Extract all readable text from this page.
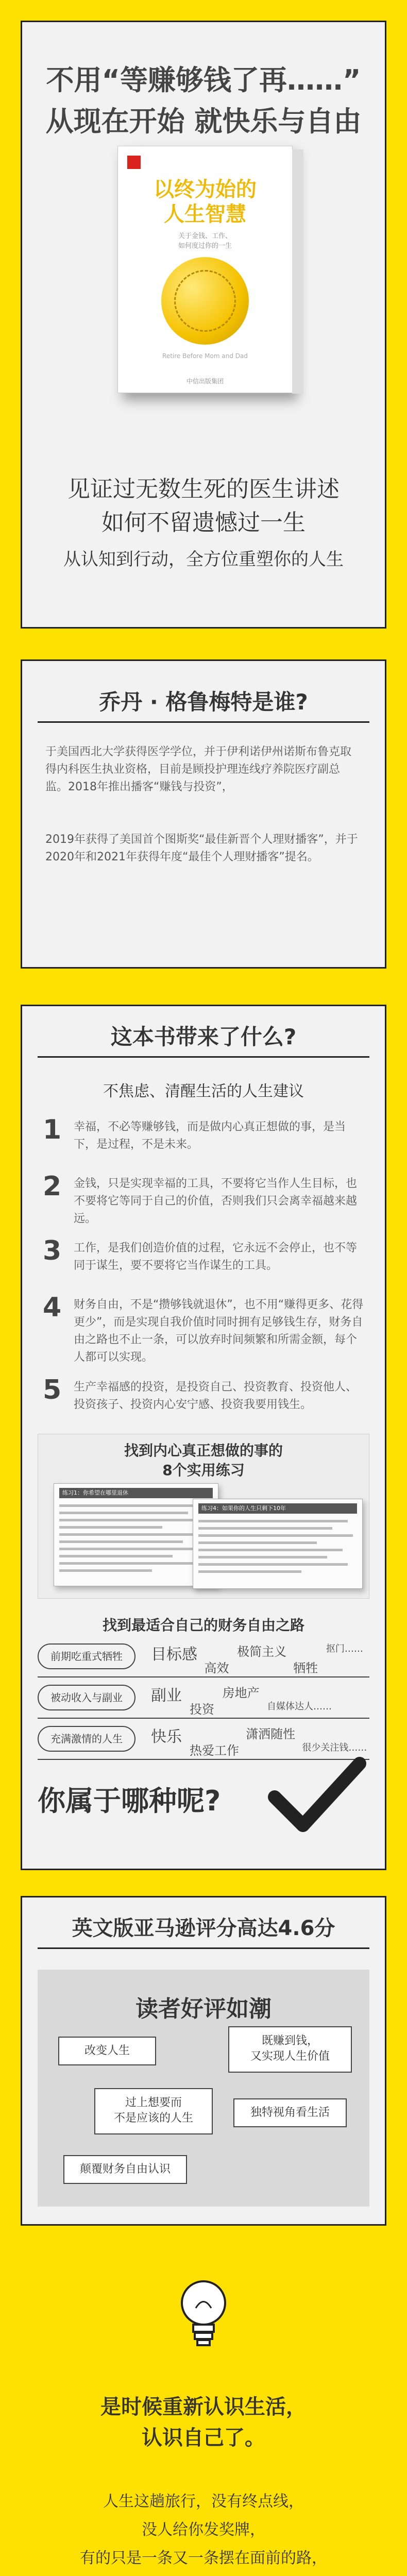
不用“等赚够钱了再……”
从现在开始 就快乐与自由
以终为始的
人生智慧
关于金钱、工作、
如何度过你的一生
Retire Before Mom and Dad
中信出版集团
见证过无数生死的医生讲述
如何不留遗憾过一生
从认知到行动，全方位重塑你的人生
乔丹 · 格鲁梅特是谁?

于美国西北大学获得医学学位，并于伊利诺伊州诺斯布鲁克取得内科医生执业资格，目前是顾投护理连线疗养院医疗副总监。2018年推出播客“赚钱与投资”，

2019年获得了美国首个图斯奖“最佳新晋个人理财播客”，并于2020年和2021年获得年度“最佳个人理财播客”提名。

这本书带来了什么?
不焦虑、清醒生活的人生建议
1 幸福，不必等赚够钱，而是做内心真正想做的事，是当下，是过程，不是未来。
2 金钱，只是实现幸福的工具，不要将它当作人生目标，也不要将它等同于自己的价值，否则我们只会离幸福越来越远。
3 工作，是我们创造价值的过程，它永远不会停止，也不等同于谋生，要不要将它当作谋生的工具。
4 财务自由，不是“攒够钱就退休”，也不用“赚得更多、花得更少”，而是实现自我价值时同时拥有足够钱生存，财务自由之路也不止一条，可以放弃时间频繁和所需金额，每个人都可以实现。
5 生产幸福感的投资，是投资自己、投资教育、投资他人、投资孩子、投资内心安宁感、投资我要用钱生。
找到内心真正想做的事的
8个实用练习
练习1：你希望在哪里退休
练习4：如果你的人生只剩下10年
找到最适合自己的财务自由之路
前期吃重式牺牲	目标感
高效
极简主义
牺牲
抠门……
被动收入与副业	副业
投资
房地产
自媒体达人……
充满激情的人生	快乐
热爱工作
潇洒随性
很少关注钱……
你属于哪种呢?
英文版亚马逊评分高达4.6分
读者好评如潮
改变人生
既赚到钱，
又实现人生价值
过上想要而
不是应该的人生	独特视角看生活
颠覆财务自由认识
是时候重新认识生活，
认识自己了。
人生这趟旅行，没有终点线，
没人给你发奖牌，
有的只是一条又一条摆在面前的路，
